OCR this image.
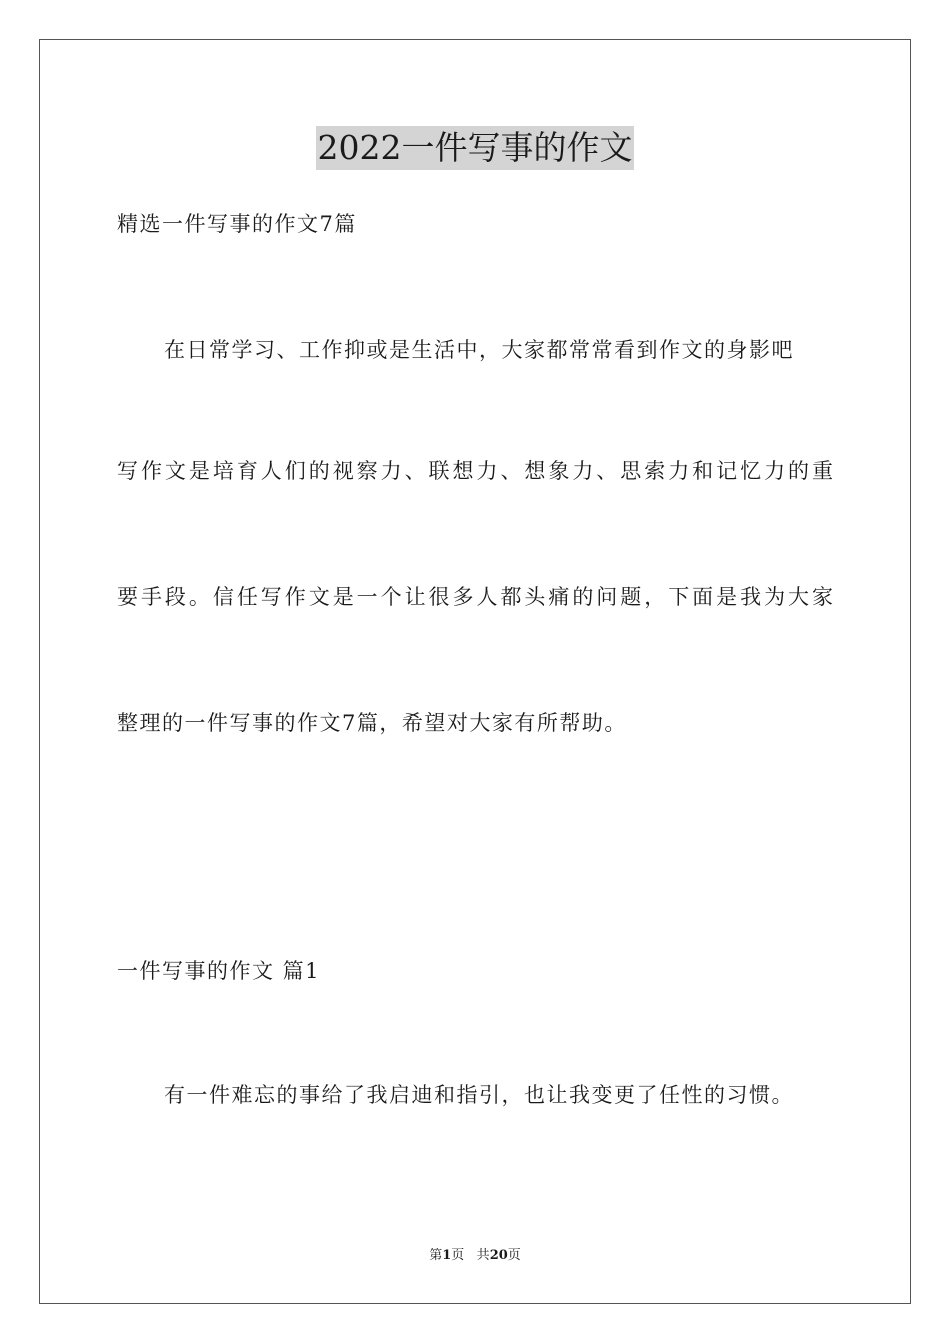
2022一件写事的作文
精选一件写事的作文7篇
在日常学习、工作抑或是生活中，大家都常常看到作文的身影吧
写作文是培育人们的视察力、联想力、想象力、思索力和记忆力的重
要手段。信任写作文是一个让很多人都头痛的问题，下面是我为大家
整理的一件写事的作文7篇，希望对大家有所帮助。
一件写事的作文 篇1
有一件难忘的事给了我启迪和指引，也让我变更了任性的习惯。
第1页 共20页
